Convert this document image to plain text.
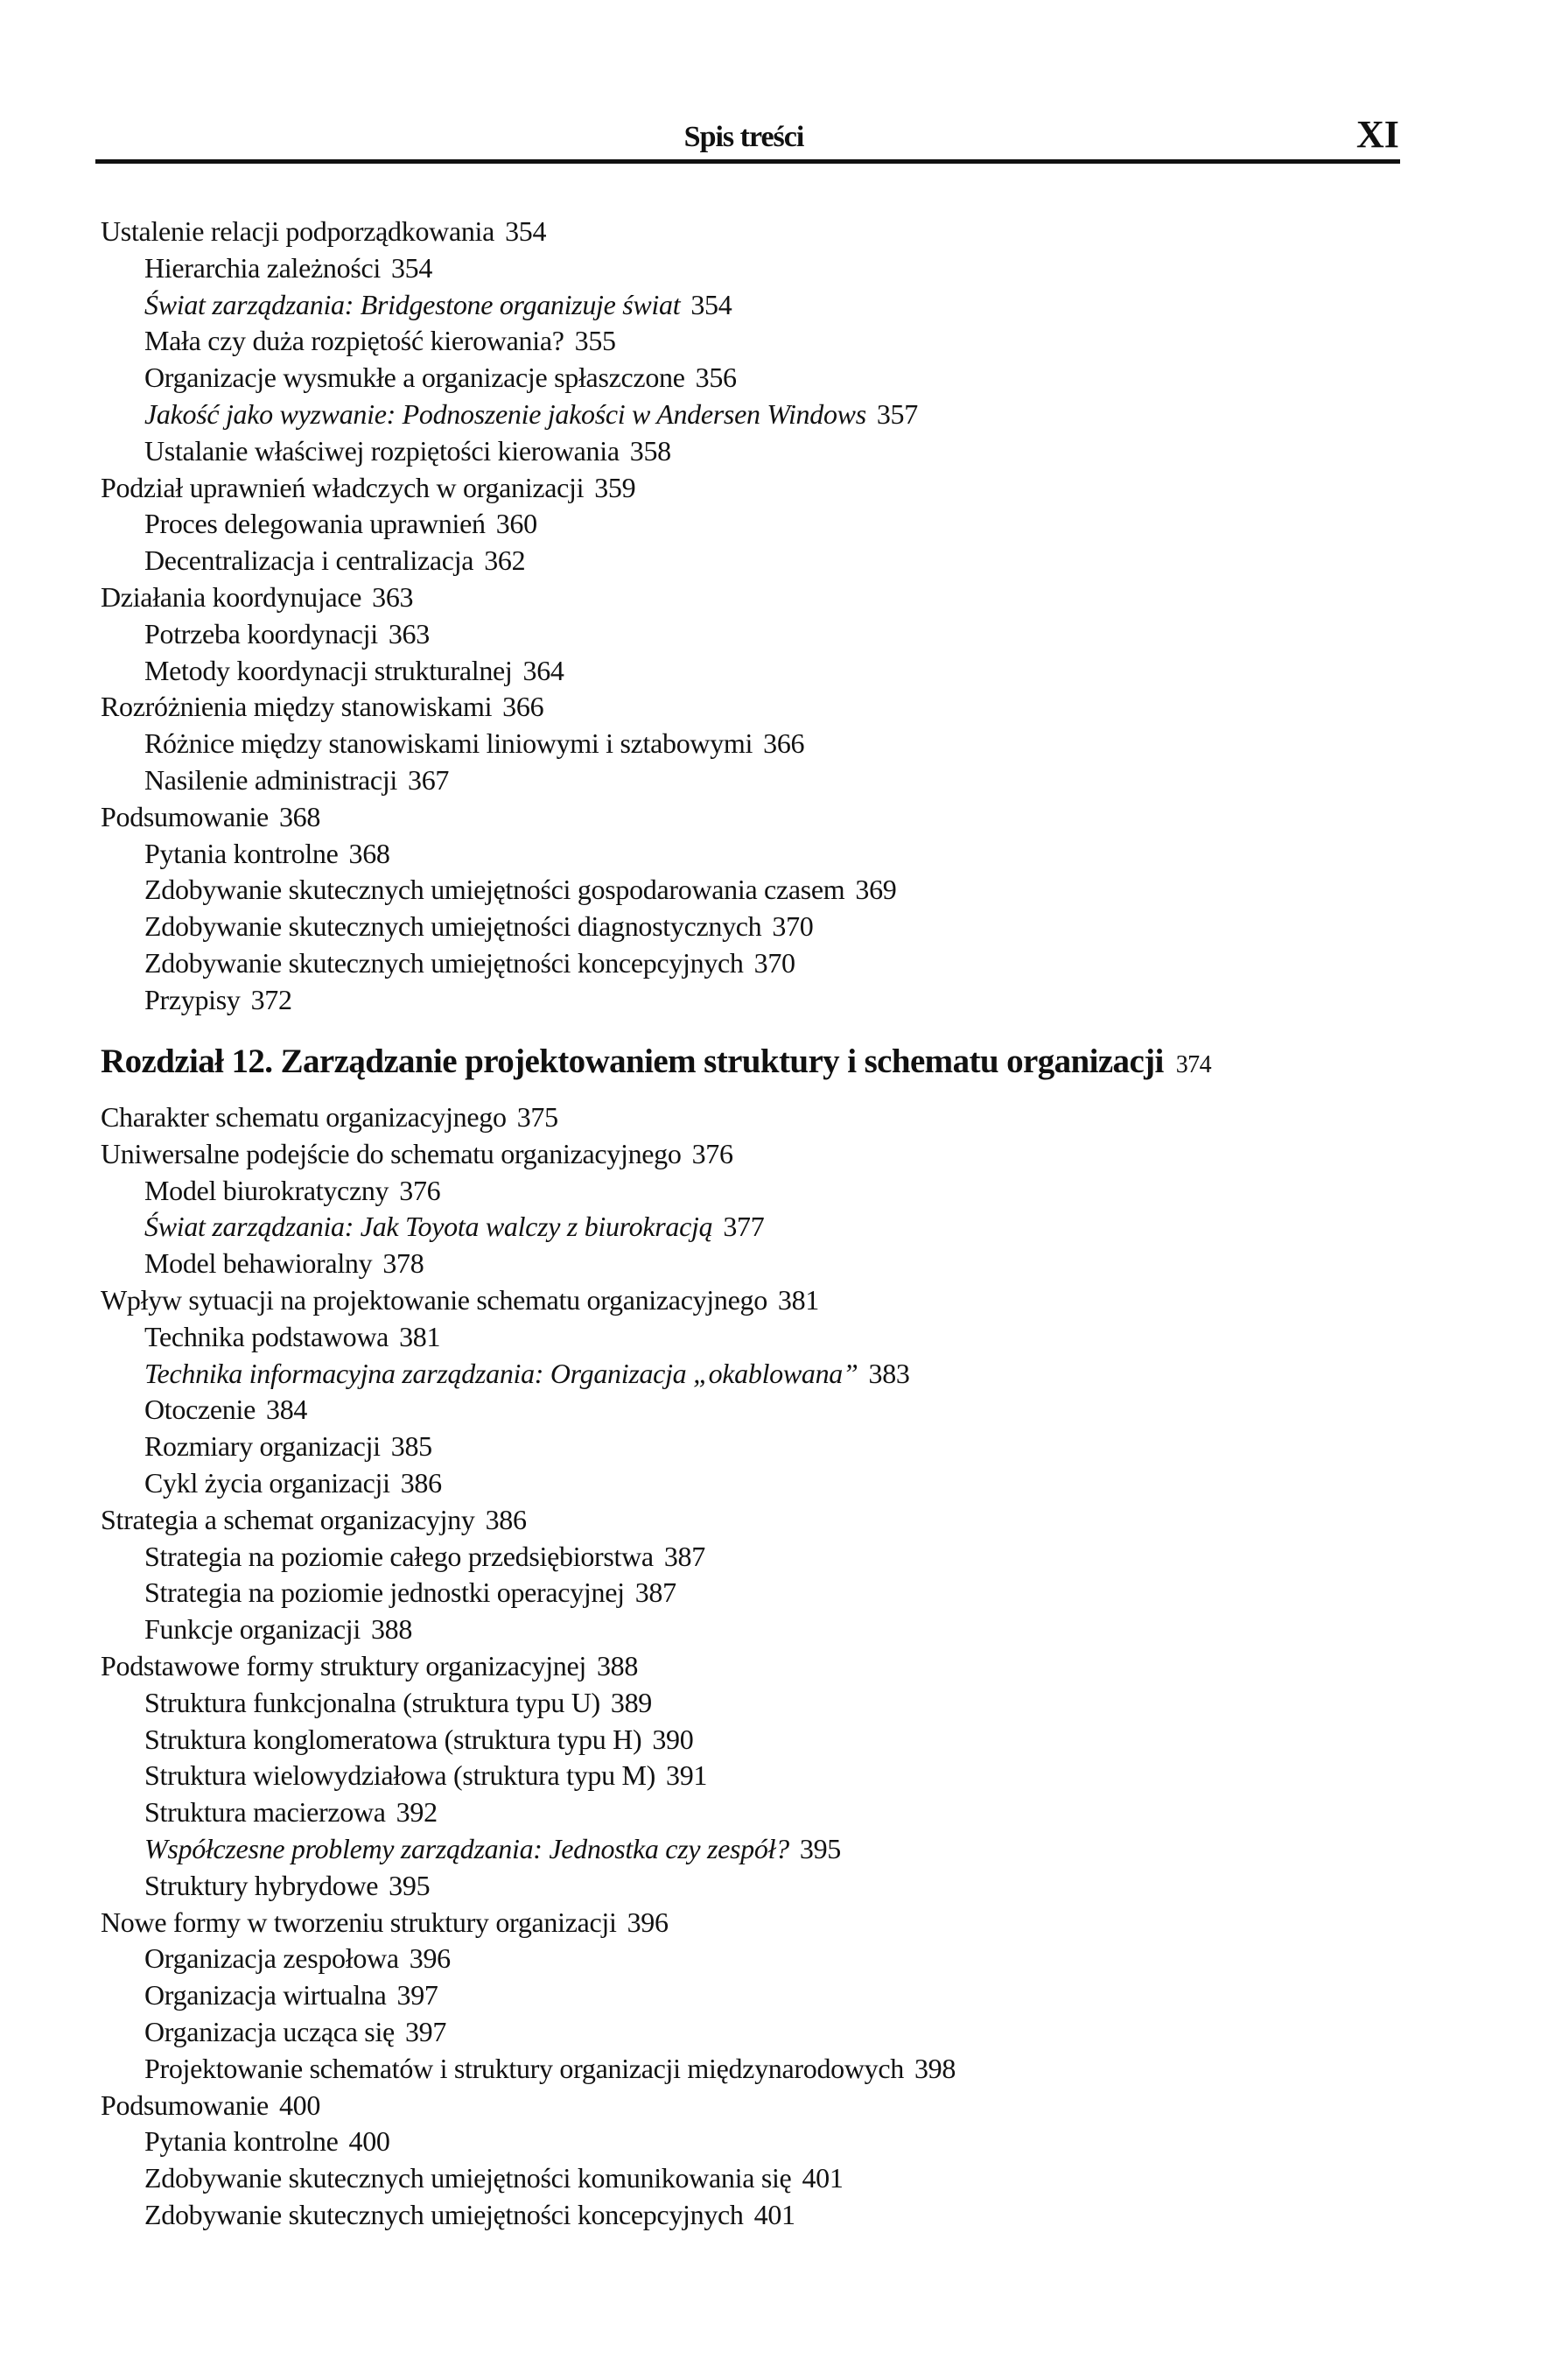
Spis treści	XI
Ustalenie relacji podporządkowania 354
Hierarchia zależności 354
Świat zarządzania: Bridgestone organizuje świat 354
Mała czy duża rozpiętość kierowania? 355
Organizacje wysmukłe a organizacje spłaszczone 356
Jakość jako wyzwanie: Podnoszenie jakości w Andersen Windows 357
Ustalanie właściwej rozpiętości kierowania 358
Podział uprawnień władczych w organizacji 359
Proces delegowania uprawnień 360
Decentralizacja i centralizacja 362
Działania koordynujace 363
Potrzeba koordynacji 363
Metody koordynacji strukturalnej 364
Rozróżnienia między stanowiskami 366
Różnice między stanowiskami liniowymi i sztabowymi 366
Nasilenie administracji 367
Podsumowanie 368
Pytania kontrolne 368
Zdobywanie skutecznych umiejętności gospodarowania czasem 369
Zdobywanie skutecznych umiejętności diagnostycznych 370
Zdobywanie skutecznych umiejętności koncepcyjnych 370
Przypisy 372
Rozdział 12. Zarządzanie projektowaniem struktury i schematu organizacji 374
Charakter schematu organizacyjnego 375
Uniwersalne podejście do schematu organizacyjnego 376
Model biurokratyczny 376
Świat zarządzania: Jak Toyota walczy z biurokracją 377
Model behawioralny 378
Wpływ sytuacji na projektowanie schematu organizacyjnego 381
Technika podstawowa 381
Technika informacyjna zarządzania: Organizacja „okablowana” 383
Otoczenie 384
Rozmiary organizacji 385
Cykl życia organizacji 386
Strategia a schemat organizacyjny 386
Strategia na poziomie całego przedsiębiorstwa 387
Strategia na poziomie jednostki operacyjnej 387
Funkcje organizacji 388
Podstawowe formy struktury organizacyjnej 388
Struktura funkcjonalna (struktura typu U) 389
Struktura konglomeratowa (struktura typu H) 390
Struktura wielowydziałowa (struktura typu M) 391
Struktura macierzowa 392
Współczesne problemy zarządzania: Jednostka czy zespół? 395
Struktury hybrydowe 395
Nowe formy w tworzeniu struktury organizacji 396
Organizacja zespołowa 396
Organizacja wirtualna 397
Organizacja ucząca się 397
Projektowanie schematów i struktury organizacji międzynarodowych 398
Podsumowanie 400
Pytania kontrolne 400
Zdobywanie skutecznych umiejętności komunikowania się 401
Zdobywanie skutecznych umiejętności koncepcyjnych 401
